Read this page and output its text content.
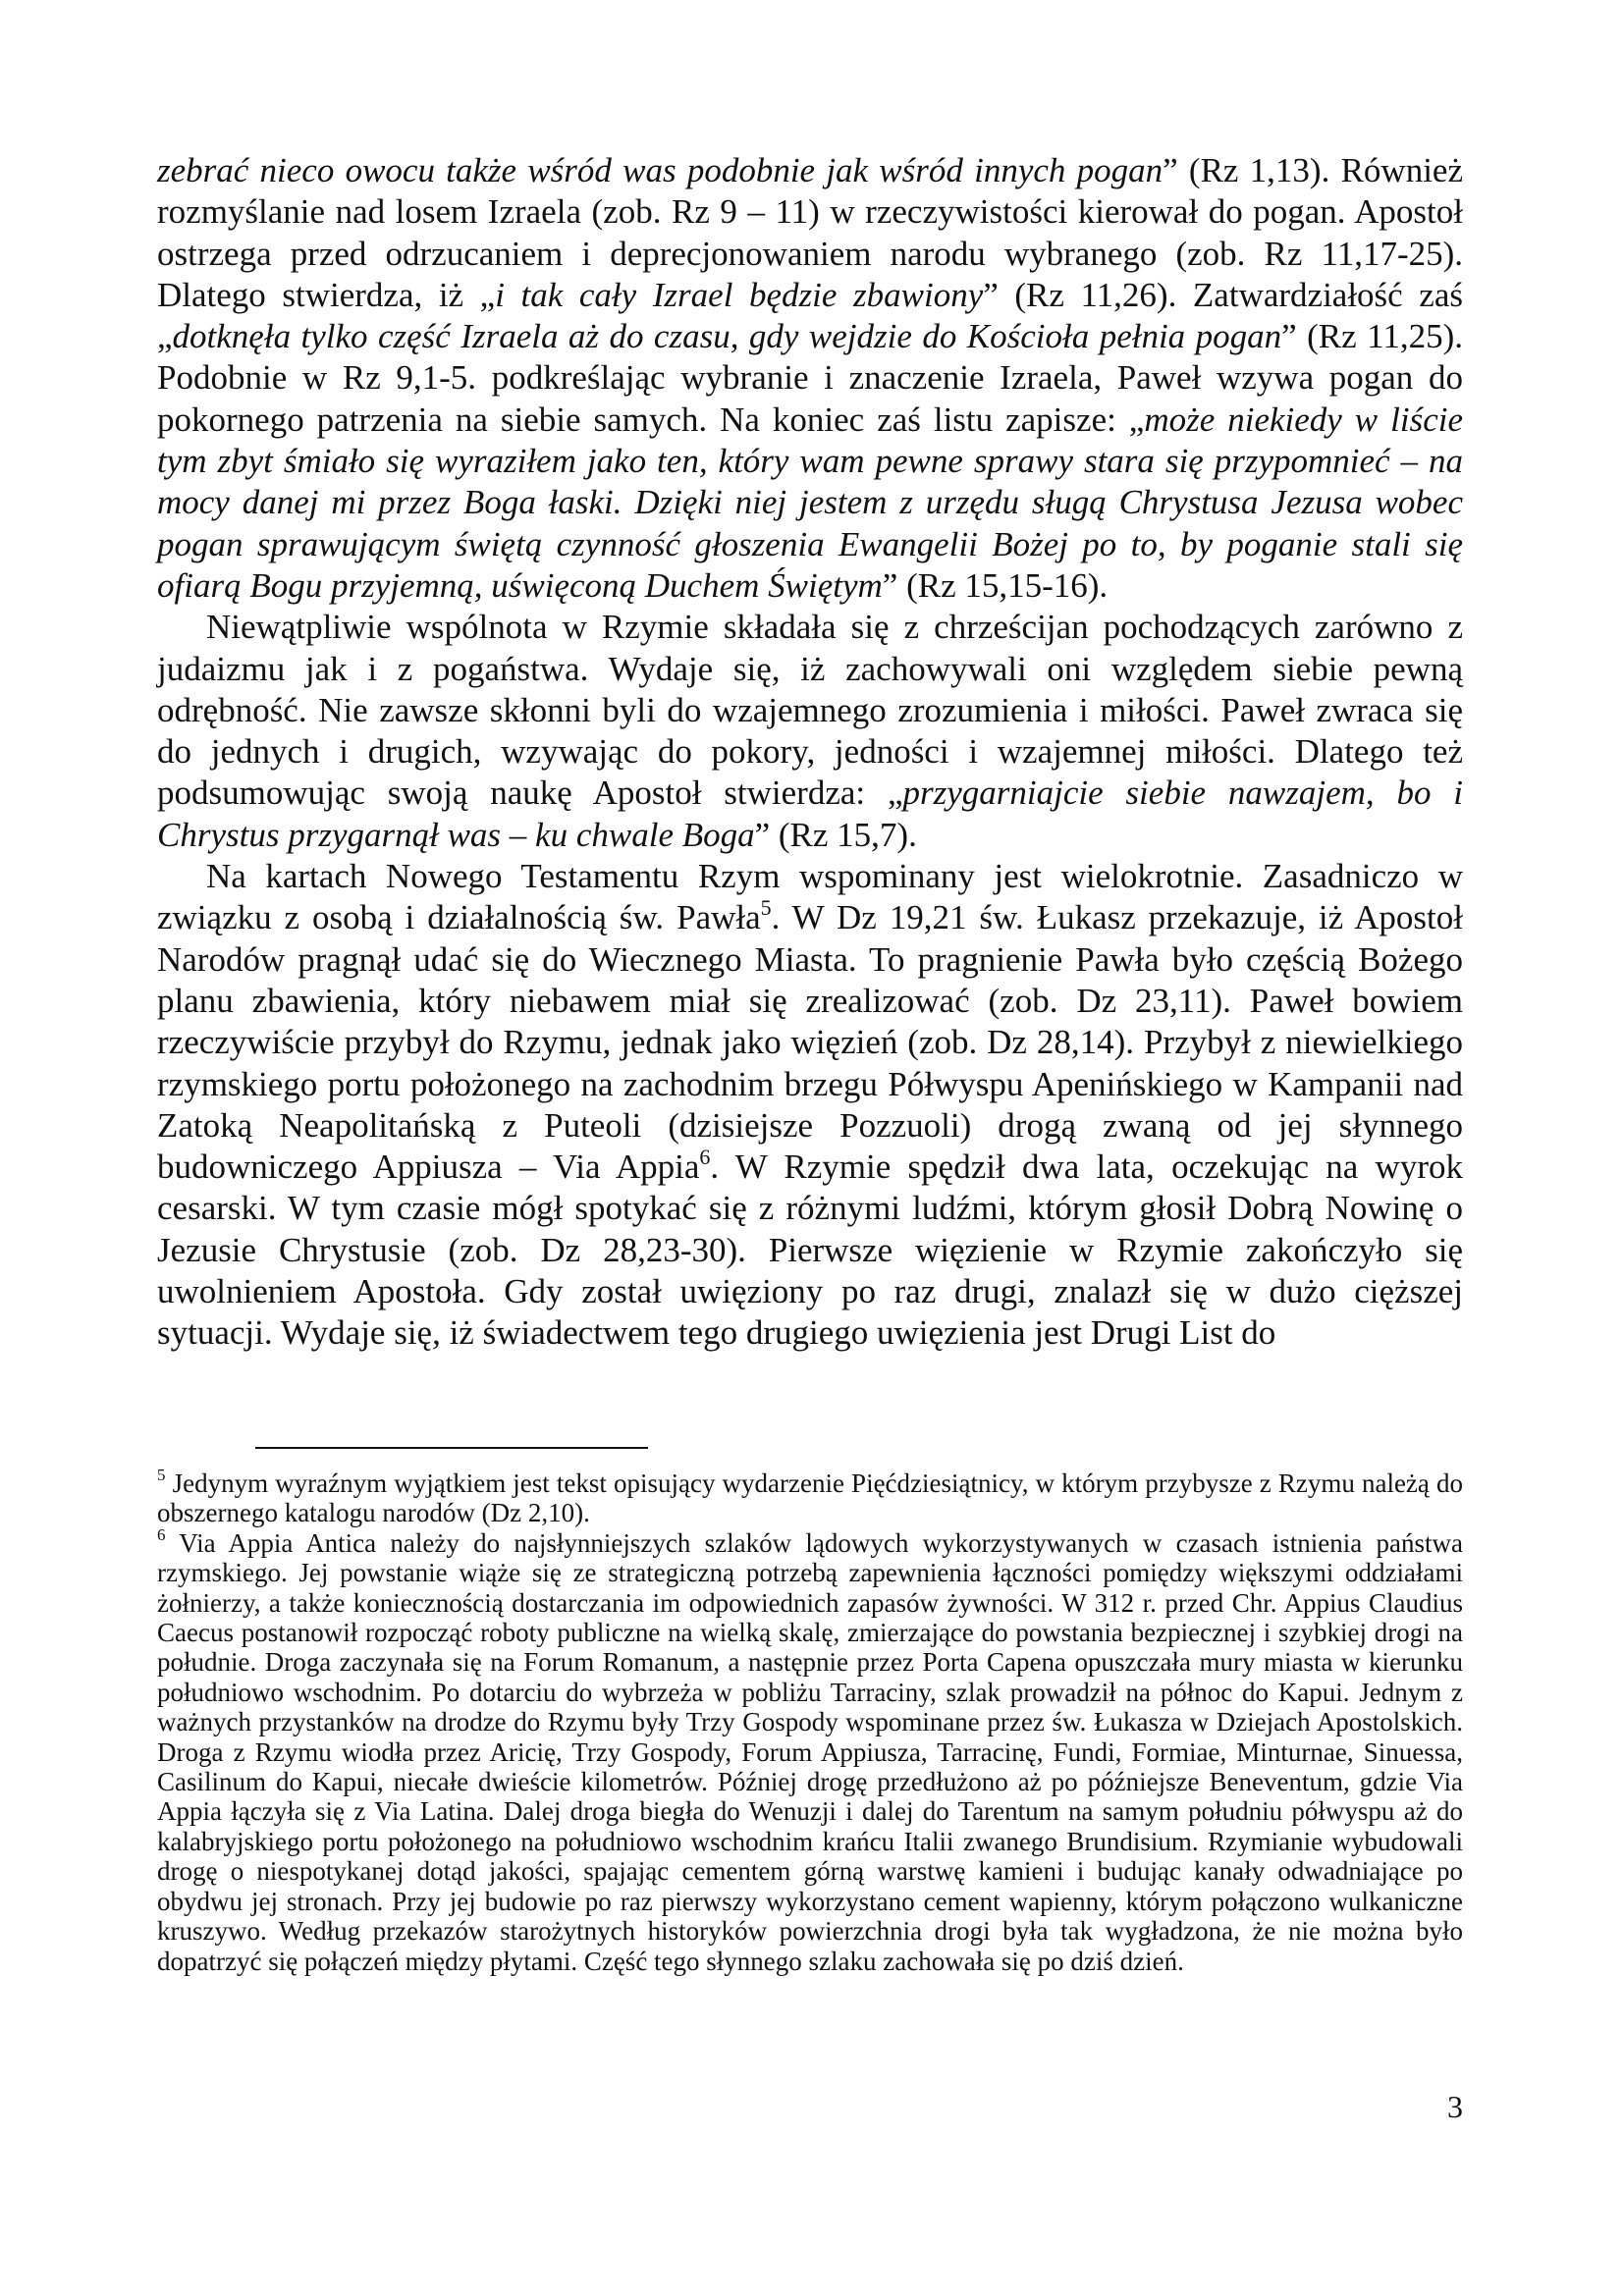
zebrać nieco owocu także wśród was podobnie jak wśród innych pogan” (Rz 1,13). Również rozmyślanie nad losem Izraela (zob. Rz 9 – 11) w rzeczywistości kierował do pogan. Apostoł ostrzega przed odrzucaniem i deprecjonowaniem narodu wybranego (zob. Rz 11,17-25). Dlatego stwierdza, iż „i tak cały Izrael będzie zbawiony” (Rz 11,26). Zatwardziałość zaś „dotknęła tylko część Izraela aż do czasu, gdy wejdzie do Kościoła pełnia pogan” (Rz 11,25). Podobnie w Rz 9,1-5. podkreślając wybranie i znaczenie Izraela, Paweł wzywa pogan do pokornego patrzenia na siebie samych. Na koniec zaś listu zapisze: „może niekiedy w liście tym zbyt śmiało się wyraziłem jako ten, który wam pewne sprawy stara się przypomnieć – na mocy danej mi przez Boga łaski. Dzięki niej jestem z urzędu sługą Chrystusa Jezusa wobec pogan sprawującym świętą czynność głoszenia Ewangelii Bożej po to, by poganie stali się ofiarą Bogu przyjemną, uświęconą Duchem Świętym” (Rz 15,15-16).

Niewątpliwie wspólnota w Rzymie składała się z chrześcijan pochodzących zarówno z judaizmu jak i z pogaństwa. Wydaje się, iż zachowywali oni względem siebie pewną odrębność. Nie zawsze skłonni byli do wzajemnego zrozumienia i miłości. Paweł zwraca się do jednych i drugich, wzywając do pokory, jedności i wzajemnej miłości. Dlatego też podsumowując swoją naukę Apostoł stwierdza: „przygarniajcie siebie nawzajem, bo i Chrystus przygarnął was – ku chwale Boga” (Rz 15,7).

Na kartach Nowego Testamentu Rzym wspominany jest wielokrotnie. Zasadniczo w związku z osobą i działalnością św. Pawła$^5$. W Dz 19,21 św. Łukasz przekazuje, iż Apostoł Narodów pragnął udać się do Wiecznego Miasta. To pragnienie Pawła było częścią Bożego planu zbawienia, który niebawem miał się zrealizować (zob. Dz 23,11). Paweł bowiem rzeczywiście przybył do Rzymu, jednak jako więzień (zob. Dz 28,14). Przybył z niewielkiego rzymskiego portu położonego na zachodnim brzegu Półwyspu Apenińskiego w Kampanii nad Zatoką Neapolitańską z Puteoli (dzisiejsze Pozzuoli) drogą zwaną od jej słynnego budowniczego Appiusza – Via Appia$^6$. W Rzymie spędził dwa lata, oczekując na wyrok cesarski. W tym czasie mógł spotykać się z różnymi ludźmi, którym głosił Dobrą Nowinę o Jezusie Chrystusie (zob. Dz 28,23-30). Pierwsze więzienie w Rzymie zakończyło się uwolnieniem Apostoła. Gdy został uwięziony po raz drugi, znalazł się w dużo cięższej sytuacji. Wydaje się, iż świadectwem tego drugiego uwięzienia jest Drugi List do

$^5$ Jedynym wyraźnym wyjątkiem jest tekst opisujący wydarzenie Pięćdziesiątnicy, w którym przybysze z Rzymu należą do obszernego katalogu narodów (Dz 2,10).

$^6$ Via Appia Antica należy do najsłynniejszych szlaków lądowych wykorzystywanych w czasach istnienia państwa rzymskiego. Jej powstanie wiąże się ze strategiczną potrzebą zapewnienia łączności pomiędzy większymi oddziałami żołnierzy, a także koniecznością dostarczania im odpowiednich zapasów żywności. W 312 r. przed Chr. Appius Claudius Caecus postanowił rozpocząć roboty publiczne na wielką skalę, zmierzające do powstania bezpiecznej i szybkiej drogi na południe. Droga zaczynała się na Forum Romanum, a następnie przez Porta Capena opuszczała mury miasta w kierunku południowo wschodnim. Po dotarciu do wybrzeża w pobliżu Tarraciny, szlak prowadził na północ do Kapui. Jednym z ważnych przystanków na drodze do Rzymu były Trzy Gospody wspominane przez św. Łukasza w Dziejach Apostolskich. Droga z Rzymu wiodła przez Aricię, Trzy Gospody, Forum Appiusza, Tarracinę, Fundi, Formiae, Minturnae, Sinuessa, Casilinum do Kapui, niecałe dwieście kilometrów. Później drogę przedłużono aż po późniejsze Beneventum, gdzie Via Appia łączyła się z Via Latina. Dalej droga biegła do Wenuzji i dalej do Tarentum na samym południu półwyspu aż do kalabryjskiego portu położonego na południowo wschodnim krańcu Italii zwanego Brundisium. Rzymianie wybudowali drogę o niespotykanej dotąd jakości, spajając cementem górną warstwę kamieni i budując kanały odwadniające po obydwu jej stronach. Przy jej budowie po raz pierwszy wykorzystano cement wapienny, którym połączono wulkaniczne kruszywo. Według przekazów starożytnych historyków powierzchnia drogi była tak wygładzona, że nie można było dopatrzyć się połączeń między płytami. Część tego słynnego szlaku zachowała się po dziś dzień.

3
